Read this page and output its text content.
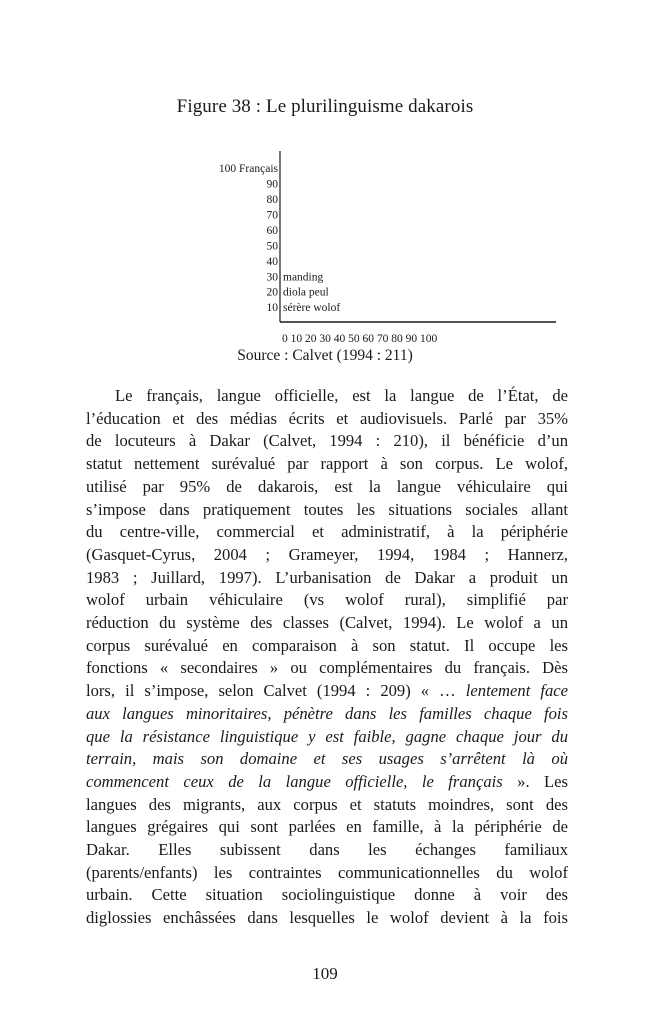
Figure 38 : Le plurilinguisme dakarois
10
20
30
40
50
60
70
80
90
100 Français
manding
diola peul
sérère wolof
0 10 20 30 40 50 60 70 80 90 100
Source : Calvet (1994 : 211)
Le français, langue officielle, est la langue de l’État, de
l’éducation et des médias écrits et audiovisuels. Parlé par 35%
de locuteurs à Dakar (Calvet, 1994 : 210), il bénéficie d’un
statut nettement surévalué par rapport à son corpus. Le wolof,
utilisé par 95% de dakarois, est la langue véhiculaire qui
s’impose dans pratiquement toutes les situations sociales allant
du centre-ville, commercial et administratif, à la périphérie
(Gasquet-Cyrus, 2004 ; Grameyer, 1994, 1984 ; Hannerz,
1983 ; Juillard, 1997). L’urbanisation de Dakar a produit un
wolof urbain véhiculaire (vs wolof rural), simplifié par
réduction du système des classes (Calvet, 1994). Le wolof a un
corpus surévalué en comparaison à son statut. Il occupe les
fonctions « secondaires » ou complémentaires du français. Dès
lors, il s’impose, selon Calvet (1994 : 209) « … lentement face
aux langues minoritaires, pénètre dans les familles chaque fois
que la résistance linguistique y est faible, gagne chaque jour du
terrain, mais son domaine et ses usages s’arrêtent là où
commencent ceux de la langue officielle, le français ». Les
langues des migrants, aux corpus et statuts moindres, sont des
langues grégaires qui sont parlées en famille, à la périphérie de
Dakar. Elles subissent dans les échanges familiaux
(parents/enfants) les contraintes communicationnelles du wolof
urbain. Cette situation sociolinguistique donne à voir des
diglossies enchâssées dans lesquelles le wolof devient à la fois
109
